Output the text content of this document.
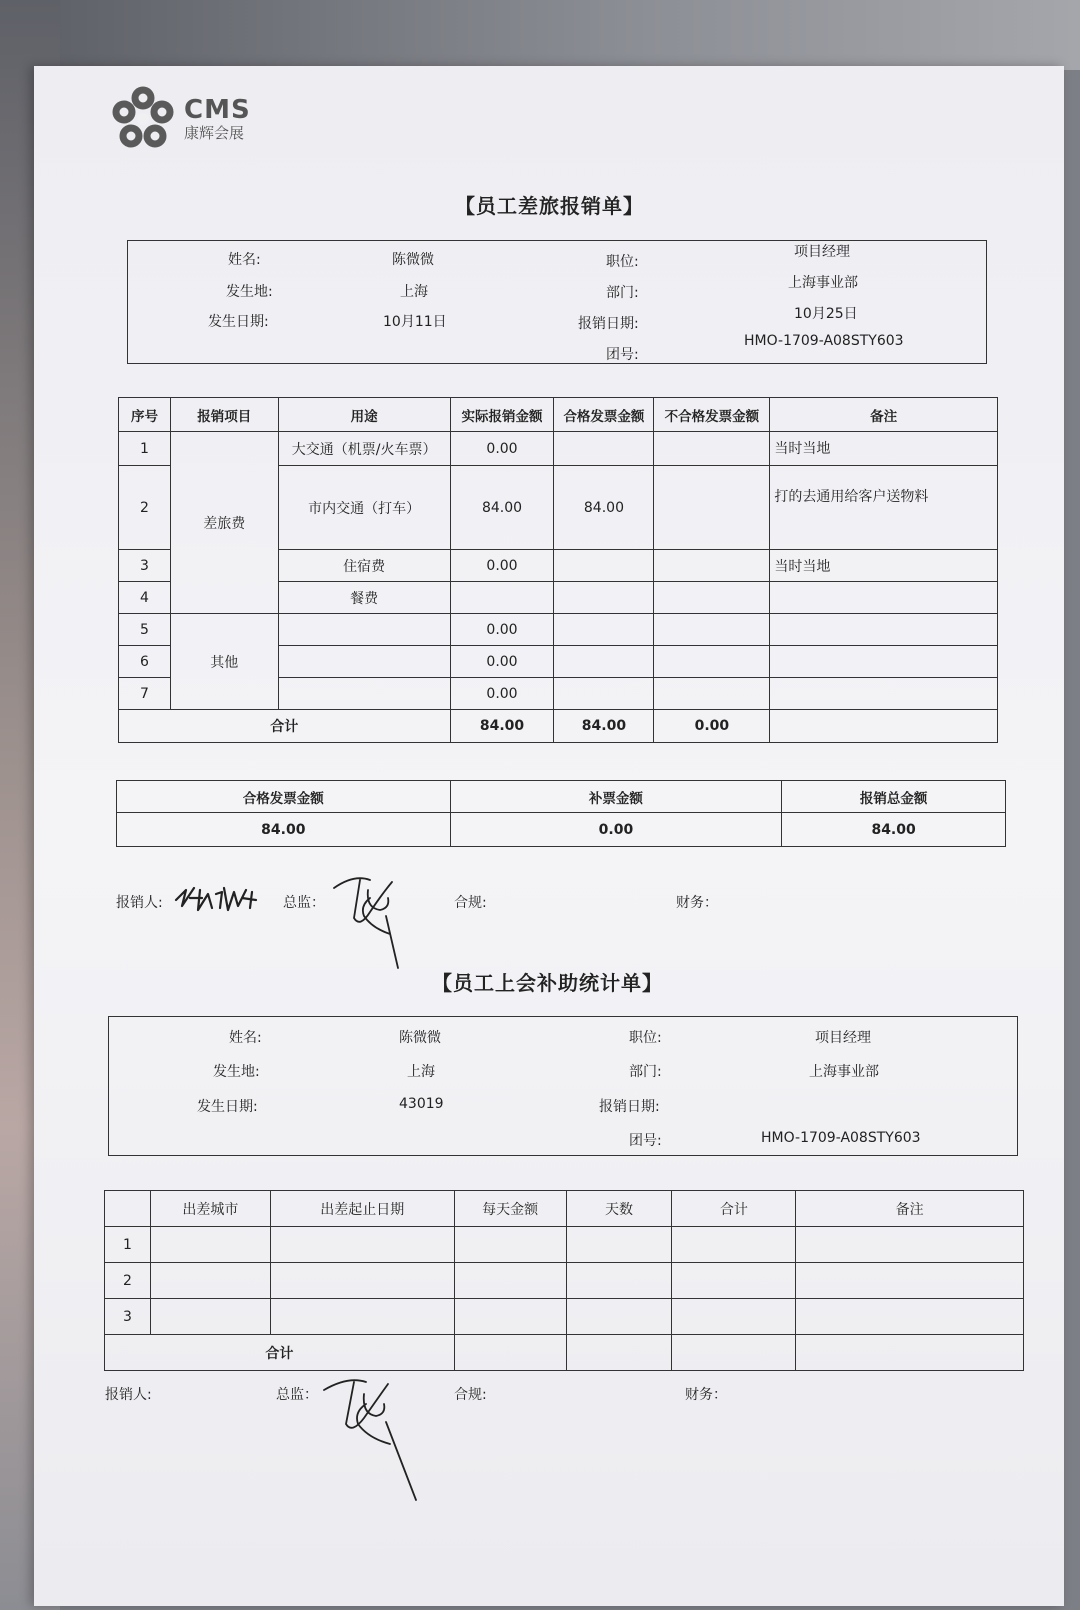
CMS
康辉会展
【员工差旅报销单】
姓名:	陈微微
发生地:	上海
发生日期:	10月11日
职位:
项目经理
部门:
上海事业部
报销日期:
10月25日
团号:
HMO-1709-A08STY603
序号	报销项目	用途	实际报销金额	合格发票金额	不合格发票金额	备注
1	差旅费	大交通（机票/火车票）	0.00			当时当地
2		市内交通（打车）	84.00	84.00		打的去通用给客户送物料
3		住宿费	0.00			当时当地
4		餐费				
5	其他		0.00			
6			0.00			
7			0.00			
合计			84.00	84.00	0.00	
合格发票金额	补票金额	报销总金额
84.00	0.00	84.00
报销人:	总监：	合规:	财务：
【员工上会补助统计单】
姓名:	陈微微
发生地:	上海
发生日期:	43019
职位:	项目经理
部门:	上海事业部
报销日期:
团号:	HMO-1709-A08STY603
	出差城市	出差起止日期	每天金额	天数	合计	备注
1						
2						
3						
合计						
报销人:	总监：	合规:	财务：
